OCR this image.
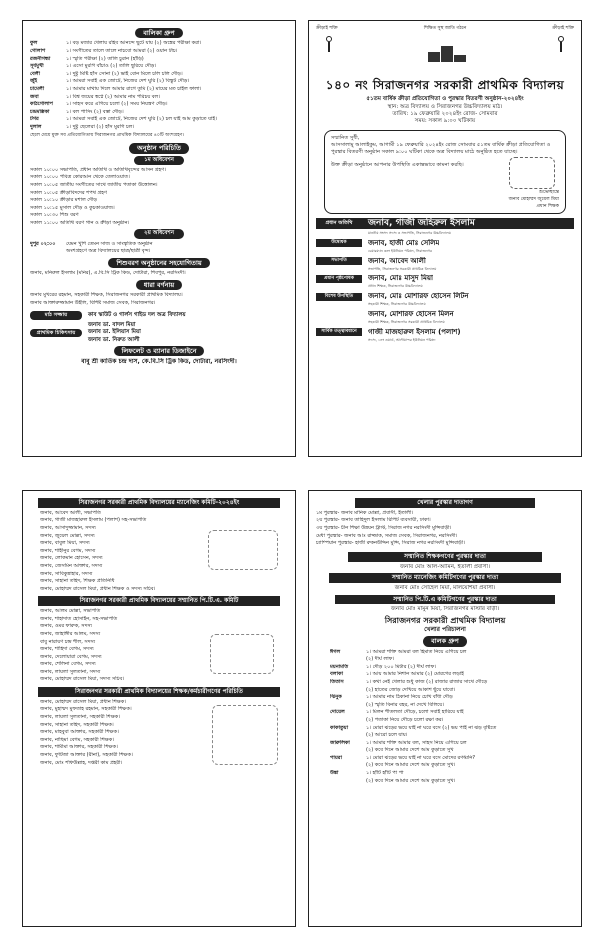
বালিকা গ্রুপ
ফুল	১। বড় মজার খেলায় রহিব আনন্দে ছুটে যায় (২) অঙ্কের পরীক্ষা করা।
গোলাপ	১। সংগীতের তালে তালে নাচবো আমরা (২) ওয়ান টাচ।
রজনীগন্ধা	১। স্মৃতি পরীক্ষা (২) তালি চুরান (হাঁড়ি)
সূর্যমুখী	১। এসো মুরগি বাঁচাও (২) তালি ছুরিয়ে দৌড়।
বেলী	১। দুষ্টু মিষ্টি হাঁস সোনা (২) ভাই বোন মিলে চলি চলি দৌড়।
জুঁই	১। আমরা সবাই এক জোটে, নিজের দেশ ঘুরি (২) বিস্কুট দৌড়।
চামেলী	১। আমার মাথায় দিলে আমার রাগে তুমি (২) মায়ের মত চাইল ফালা।
জবা	১। বিশ্ব জয়ের স্বপ্নে (২) আমার নাম পরিচয় বল।
কাঠগোলাপ	১। সাহস করে এগিয়ে চলো (২) সময় নিয়ন্ত্রণ দৌড়।
চন্দ্রমল্লিকা	১। বল পাসিং (২) বস্তা দৌড়।
টগর	১। আমরা সবাই এক জোটে, নিজের দেশ ঘুরি (২) চল যাই আম কুড়াতে যাই।
দুলাল	১। দুষ্টু ছেলেরা (২) হাঁস মুরগি চল।
ছেলে মেয়ে মুক্ত সব প্রতিযোগিতায় সিরাজনগর প্রাথমিক বিদ্যালয়ের ৪০টি অংশগ্রহণ।
অনুষ্ঠান পরিচিতি
১ম অধিবেশন
সকাল ১০:০০ সভাপতি, প্রধান অতিথি ও অতিথিবৃন্দের আসন গ্রহণ।
সকাল ১০:০০ পবিত্র কোরআন থেকে তেলাওয়াত।
সকাল ১০:০৫ জাতীয় সংগীতের সাথে জাতীয় পতাকা উত্তোলন।
সকাল ১০:০৫ ক্রীড়াবিদদের শপথ গ্রহণ
সকাল ১০:১০ ক্রীড়ার মশাল দৌড়
সকাল ১০:১৫ মুসাল দৌড় ও কুচকাওয়াজ।
সকাল ১০:৩০ শিশু বরণ
সকাল ১১:০০ অতিথি বরণ গান ও ক্রীড়া অনুষ্ঠান।
২য় অধিবেশন
দুপুর ০২:০০ যেমন খুশি তেমন সাজ ও সাংস্কৃতিক অনুষ্ঠান
অংশগ্রহণে অত্র বিদ্যালয়ের ছাত্র/ছাত্রী বৃন্দ।
শিশুবরণ অনুষ্ঠানের সহযোগিতায়
জনাব, মনিরুল ইসলাম (মনির), এ.বি.সি ট্রিক কিড, দোটারা, শিবপুর, নরসিংদী।
ধারা বর্ণনায়
জনাব মুখরের রহমান, সহকারী শিক্ষক, সিরাজনগর সরকারী প্রাথমিক বিদ্যালয়।
জনাব আক্তারুজ্জামান উইলি, বিশিষ্ট সমাজ সেবক, সিরাজনগর।
মাঠ সজ্জায়	কাব স্কাউট ও গার্লস গাইড দল অত্র বিদ্যালয়
প্রাথমিক চিকিৎসায়
জনাব ডা. বাদল মিয়া
জনাব ডা. ইলিয়াস মিয়া
জনাব ডা. নিরুত আলী
লিফলেট ও ব্যানার ডিজাইনে
বাবু শ্রী কার্তিক চন্দ্র দাস, কে.বি.সি ট্রিক কিড, দোটারা, নরসিংদী।
ক্রীড়াই শক্তি	শিক্ষিত সুস্থ জাতি গঠনে	ক্রীড়াই শক্তি
১৪০ নং সিরাজনগর সরকারী প্রাথমিক বিদ্যালয়
৫১তম বার্ষিক ক্রীড়া প্রতিযোগিতা ও পুরস্কার বিতরণী অনুষ্ঠান-২০২৪ইং
স্থান: অত্র বিদ্যালয় ও সিরাজনগর উচ্চবিদ্যালয় মাঠ।
তারিখ: ১৯ ফেব্রুয়ারি ২০২৪ইং রোজ- সোমবার
সময়: সকাল ৯:০০ ঘটিকায়
সম্মানিত সুধী,
আসসালামু আলাইকুম, আগামী ১৯ ফেব্রুয়ারি ২০২৪ইং রোজ সোমবার ৫১তম বার্ষিক ক্রীড়া প্রতিযোগিতা ও পুরস্কার বিতরণী অনুষ্ঠান সকাল ৯:০০ ঘটিকা থেকে অত্র বিদ্যালয় মাঠে অনুষ্ঠিত হতে যাচ্ছে।
উক্ত ক্রীড়া অনুষ্ঠানে আপনার উপস্থিতি একান্তভাবে কামনা করছি।
শুভেচ্ছান্তে
জনাব মোহাম্মদ জুয়েল মিয়া
প্রধান শিক্ষক
প্রধান অতিথি	জনাব, গাজী জহিরুল ইসলাম
মাননীয় সংসদ সদস্য ও সভাপতি, সিরাজনগর উচ্চবিদ্যালয়
উদ্বোধক	জনাব, হাজী মোঃ সেলিম
চেয়ারম্যান ৩নং ইউনিয়ন পরিষদ, সিরাজনগর
সভাপতি	জনাব, আবেদ আলী
সভাপতি, সিরাজনগর সরকারী প্রাথমিক বিদ্যালয়
প্রধান পৃষ্ঠপোষক	জনাব, মোঃ মাসুদ মিয়া
প্রধান শিক্ষক, সিরাজনগর উচ্চবিদ্যালয়
বিশেষ উপস্থিতি	জনাব, মোঃ মোশারফ হোসেন লিটন
সহকারী শিক্ষক, সিরাজনগর উচ্চবিদ্যালয়
জনাব, মোশারফ হোসেন মিলন
সহকারী শিক্ষক, সিরাজনগর সরকারী প্রাথমিক বিদ্যালয়
সার্বিক তত্ত্বাবধানে	গাজী মাজহারুল ইসলাম (পলাশ)
সদস্য, ১নং ওয়ার্ড, আলীয়ান্দর ইউনিয়ন পরিষদ
সিরাজনগর সরকারী প্রাথমিক বিদ্যালয়ের ম্যানেজিং কমিটি-২০২৪ইং
জনাব, আবেদ আলী, সভাপতি
জনাব, গাজী মাজহারুল ইসলাম (পলাশ) সহ-সভাপতি
জনাব, আসাদুজ্জামান, সদস্য
জনাব, জুয়েল মোল্লা, সদস্য
জনাব, বাবুল মিয়া, সদস্য
জনাব, শাহীনুর বেগম, সদস্য
জনাব, লোকমান হোসেন, সদস্য
জনাব, জেসমিন আক্তার, সদস্য
জনাব, সাবিকুন্নাহার, সদস্য
জনাব, সাহানা তহিদ, শিক্ষক প্রতিনিধি
জনাব, মোহাম্মদ রাসেল মিয়া, প্রধান শিক্ষক ও সদস্য সচিব।
সিরাজনগর সরকারী প্রাথমিক বিদ্যালয়ের সম্মানিত পি.টি.এ. কমিটি
জনাব, আলম মোল্লা, সভাপতি
জনাব, শাহাদাত হোসাইন, সহ-সভাপতি
জনাব, ওমর ফারুক, সদস্য
জনাব, জাহাঙ্গীর আলম, সদস্য
বাবু নারায়ণ চন্দ্র শীল, সদস্য
জনাব, শাহিদা বেগম, সদস্য
জনাব, দেলোয়ারা বেগম, সদস্য
জনাব, শেলিনা বেগম, সদস্য
জনাব, লায়লা সুলতানা, সদস্য
জনাব, মোহাম্মদ রাসেল মিয়া, সদস্য সচিব।
সিরাজনগর সরকারী প্রাথমিক বিদ্যালয়ের শিক্ষক/কর্মচারীগণের পরিচিতি
জনাব, মোহাম্মদ রাসেল মিয়া, প্রধান শিক্ষক।
জনাব, মুহাম্মদ মুফতাহ রহমান, সহকারী শিক্ষক।
জনাব, লায়লা সুলতানা, সহকারী শিক্ষক।
জনাব, সাহানা তহিদ, সহকারী শিক্ষক।
জনাব, মাহবুবা আক্তার, সহকারী শিক্ষক।
জনাব, নাছিমা বেগম, সহকারী শিক্ষক।
জনাব, শামীমা আক্তার, সহকারী শিক্ষক।
জনাব, ফুটিজা আক্তার (রীনা), সহকারী শিক্ষক।
জনাব, মোঃ শফিউল্লাহ, দপ্তরী কাম প্রহরী।
খেলার পুরস্কার দাতাগণ
১ম পুরস্কার- জনাব মানিক মোল্লা, প্রবাসী, ইতালী।
২য় পুরস্কার- জনাব তাহিদুল ইসলাম রিপিট ব্যবসায়ী, ঢাকা।
৩য় পুরস্কার- চীন শিক্ষা উন্নয়ন ট্রাস্ট, সিরাজ নগর নরসিংদী মুন্সিবাড়ী।
মেধা পুরস্কার- জনাব আঃ রাজ্জাক, সমাজ সেবক, সিরাজনগর, নরসিংদী।
চ্যাম্পিয়ান পুরস্কার- হাজী রুকনউদ্দিন মুন্সি, সিরাজ নগর নরসিংদী মুন্সিবাড়ী।
সম্মানিত শিক্ষকগণের পুরস্কার দাতা
জনাব মোঃ আল-আমিন, ইতালী প্রবাসী।
সম্মানিত ম্যানেজিং কমিটিগণের পুরস্কার দাতা
জনাব মোঃ সোহেল মিয়া, মালয়েশিয়া প্রবাসী।
সম্মানিত পি.টি.এ কমিটিগণের পুরস্কার দাতা
জনাব মোঃ মামুন মিয়া, সিরাজনগর মাস্টার বাড়ী।
সিরাজনগর সরকারী প্রাথমিক বিদ্যালয়
খেলার পরিচালনা
বালক গ্রুপ
ঈগল	১। আমরা শক্তি আমরা বল হিমাত নিয়ে এগিয়ে চল
(২) দীর্ঘ লাফ।
ময়নামতি	১। দৌড় ২০০ মিটার (২) দীর্ঘ লাফ।
বলাকা	১। আয় আমার নিশান আমার (২) মোরগের লড়াই
তিতাস	১। কথা নেই খেলার শুধু কাজ (২) রাজার রাজার সাথে দৌড়ে
(২) হাতের জোড় দেখিয়ে আকাশ ছুঁয়ে যাবো।
ঝিনুক	১। আমার নাম ঠিকানা নিয়ে চোখ বাঁধা দৌড়
(২) স্মৃতি বিনার বহর, না দেখে বিলিয়ে।
দোয়েল	১। মিলন শীতলতা দৌড়ে, চলো সবাই হারিয়ে যাই
(২) পতাকা নিয়ে দৌড়ে চলো রক্ষা কর।
কাকাতুয়া	১। মোরা ঝড়ের ভয়ে যাই না ঘরে বসে (২) ভয় পাই না ঝড় বৃষ্টিতে
(২) আরো চলে যায়।
জারুলিকা	১। আমার শক্তি আমার বল, সাহস নিয়ে এগিয়ে চল
(২) কবে দিনে আমার দেশে আম কুড়াতে সুখ
পায়রা	১। মোরা ঝড়ের ভয়ে যাই না ঘরে বসে মোদের রণধ্বনি?
(২) কবে দিনে আমার দেশে আম কুড়াতে সুখ।
উঙ্কা	১। হাঁটি হাঁটি পা পা
(২) কবে দিনে আমার দেশে আম কুড়াতে সুখ।
